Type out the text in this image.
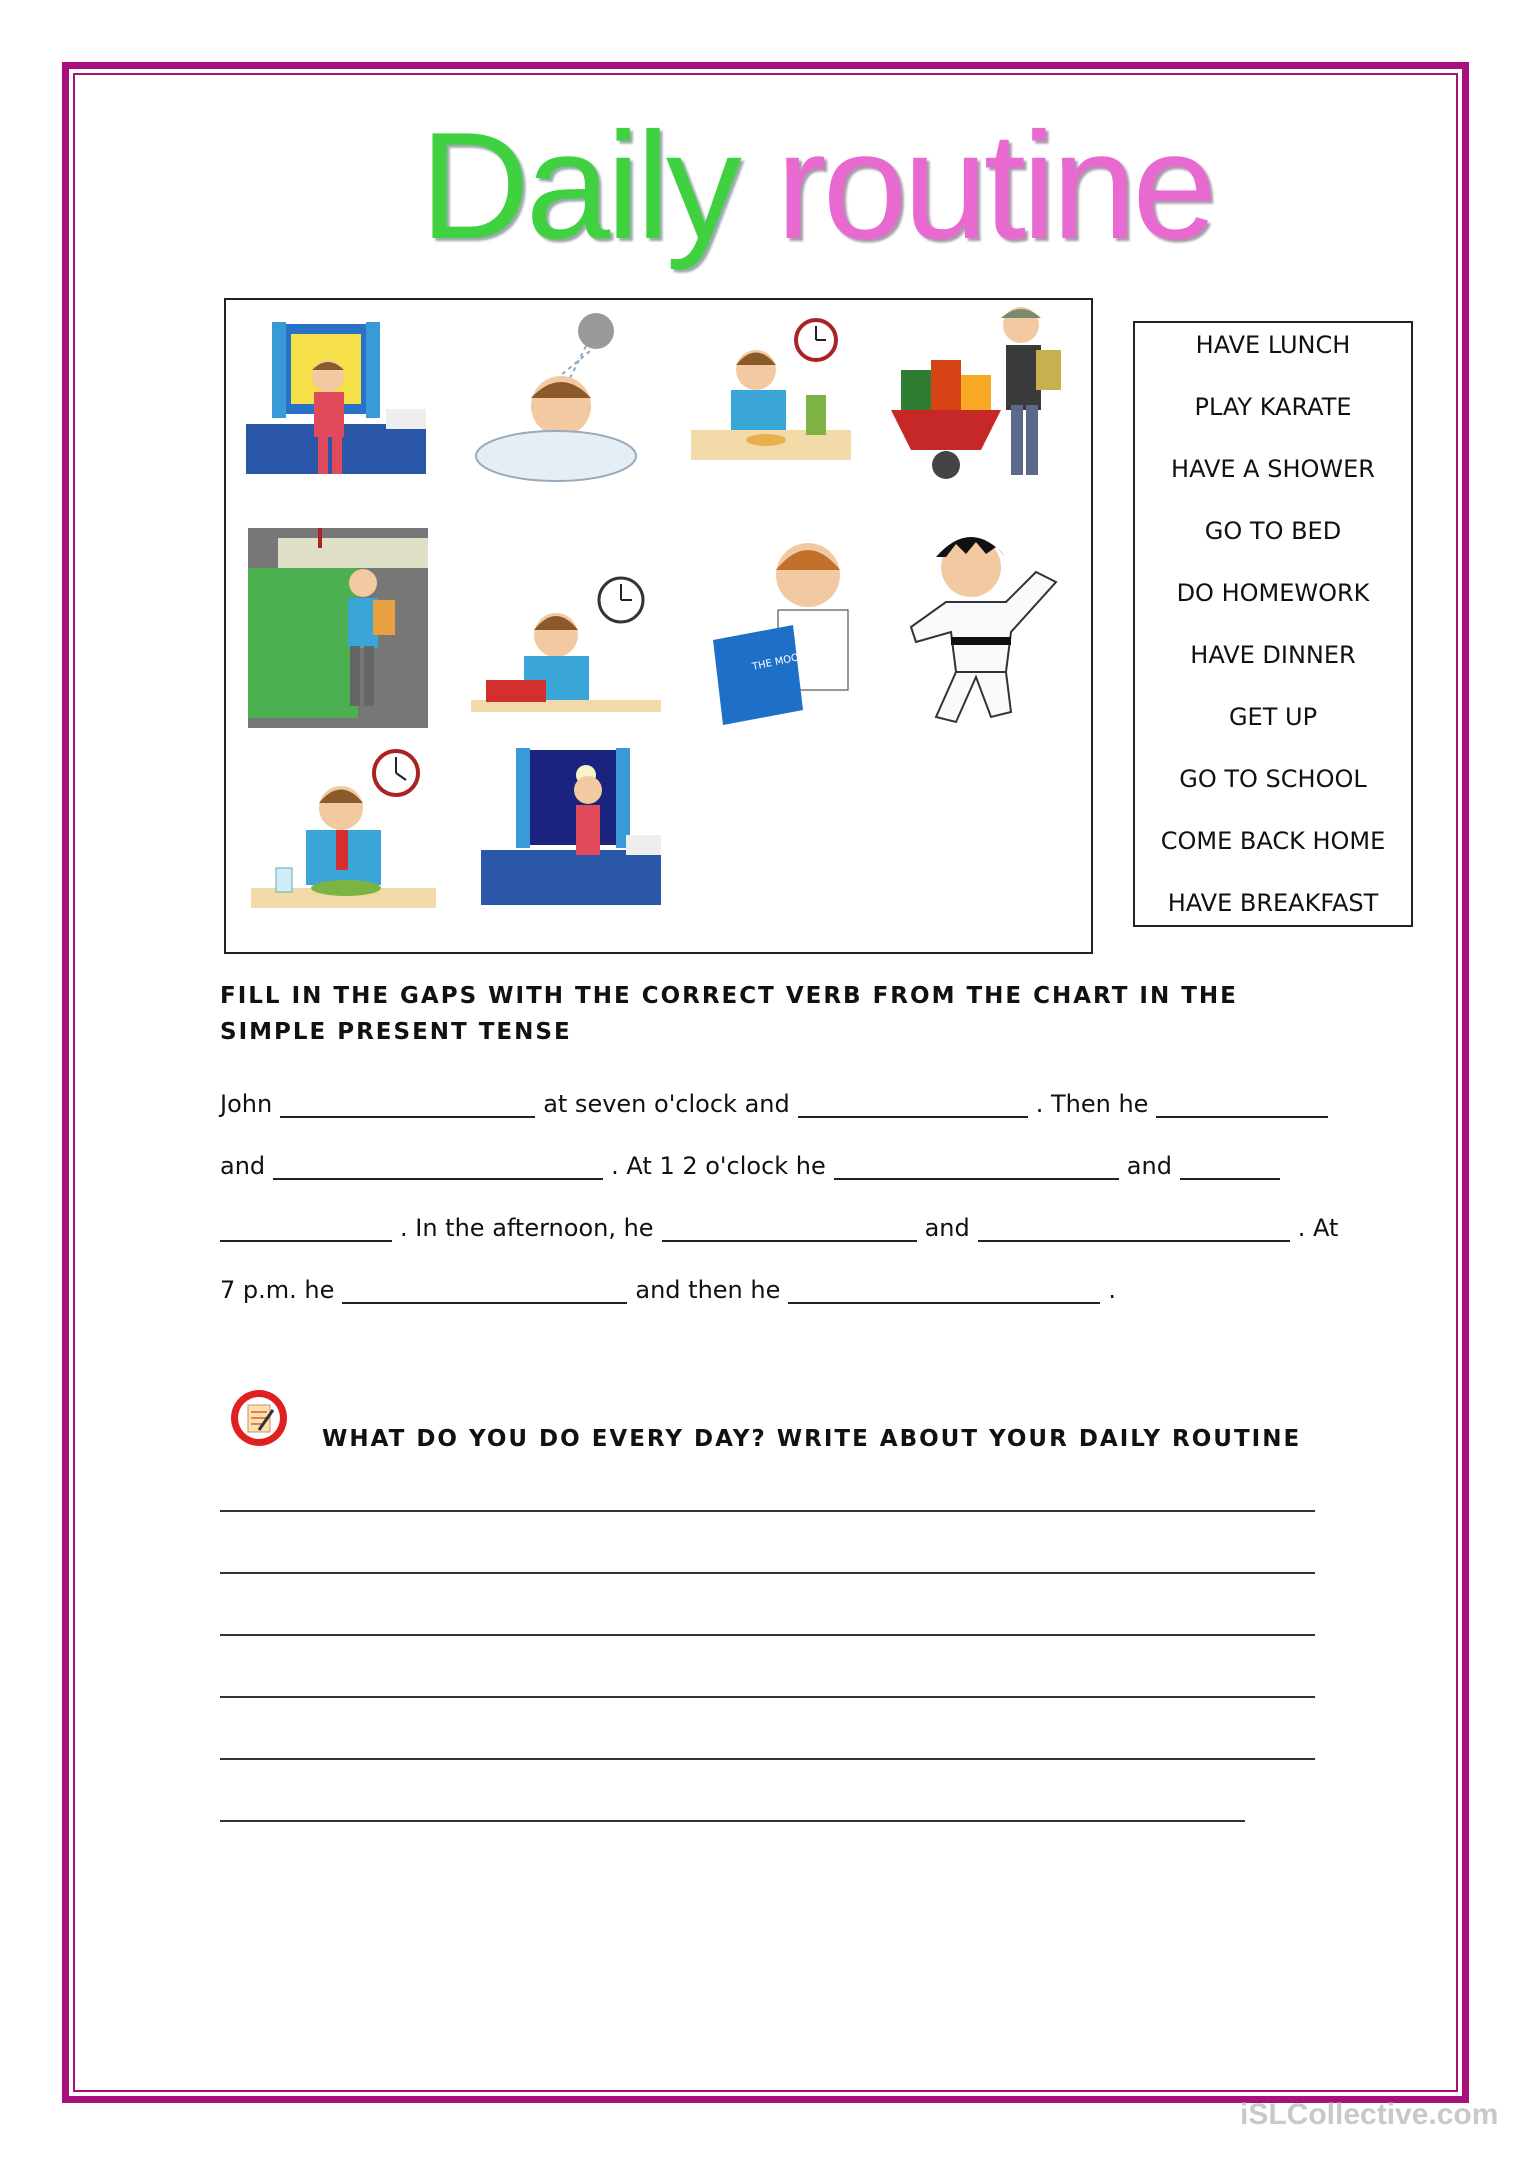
Daily routine
THE MOON
HAVE LUNCH
PLAY KARATE
HAVE A SHOWER
GO TO BED
DO HOMEWORK
HAVE DINNER
GET UP
GO TO SCHOOL
COME BACK HOME
HAVE BREAKFAST
FILL IN THE GAPS WITH THE CORRECT VERB FROM THE CHART IN THE SIMPLE PRESENT TENSE
John	at seven o'clock and	. Then he
and	. At 1 2 o'clock he	and
. In the afternoon, he	and	. At
7 p.m. he	and then he	.
WHAT DO YOU DO EVERY DAY? WRITE ABOUT YOUR DAILY ROUTINE
iSLCollective.com
